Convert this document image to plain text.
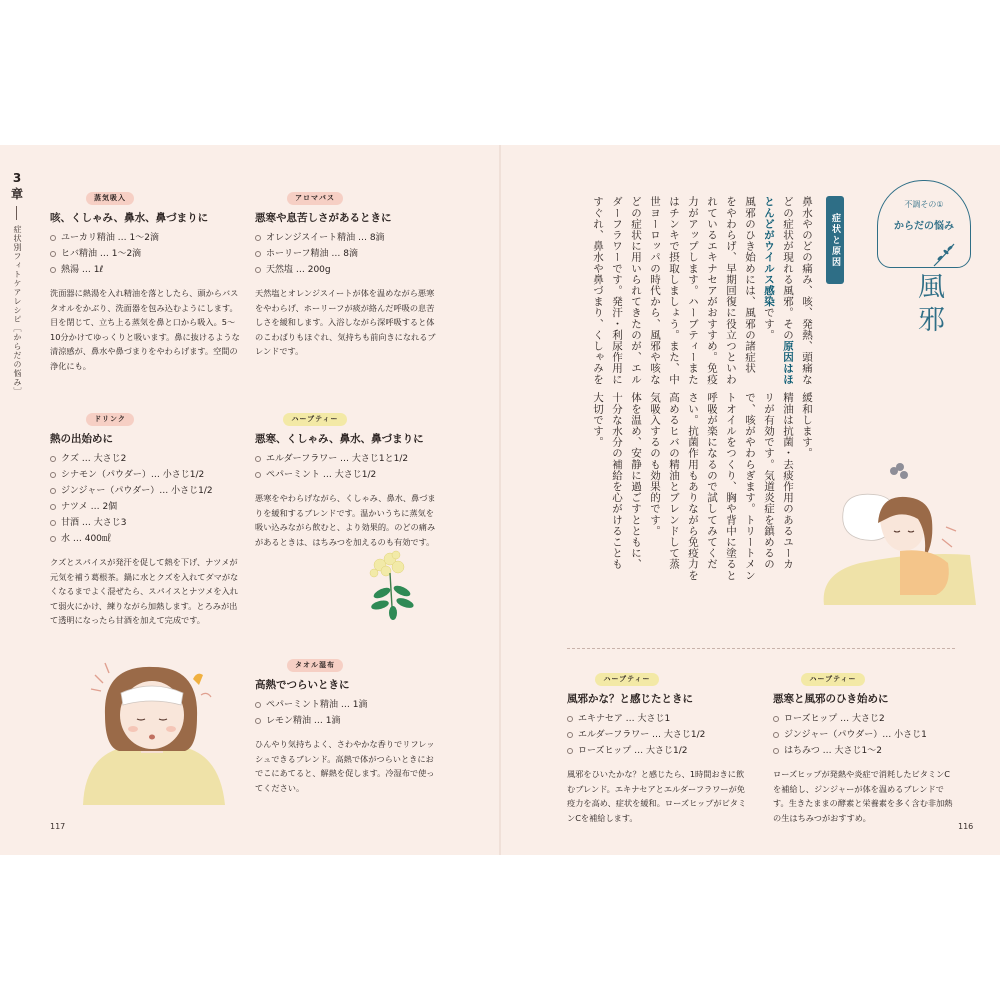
3
章
症状別フィトケアレシピ［からだの悩み］
蒸気吸入
咳、くしゃみ、鼻水、鼻づまりに
ユーカリ精油 … 1〜2滴
ヒバ精油 … 1〜2滴
熱湯 … 1ℓ

洗面器に熱湯を入れ精油を落としたら、頭からバスタオルをかぶり、洗面器を包み込むようにします。目を閉じて、立ち上る蒸気を鼻と口から吸入。5〜10分かけてゆっくりと吸います。鼻に抜けるような清涼感が、鼻水や鼻づまりをやわらげます。空間の浄化にも。

ドリンク
熱の出始めに
クズ … 大さじ2
シナモン（パウダー）… 小さじ1/2
ジンジャー（パウダー）… 小さじ1/2
ナツメ … 2個
甘酒 … 大さじ3
水 … 400㎖

クズとスパイスが発汗を促して熱を下げ、ナツメが元気を補う葛根茶。鍋に水とクズを入れてダマがなくなるまでよく混ぜたら、スパイスとナツメを入れて弱火にかけ、練りながら加熱します。とろみが出て透明になったら甘酒を加えて完成です。

アロマバス
悪寒や息苦しさがあるときに
オレンジスイート精油 … 8滴
ホーリーフ精油 … 8滴
天然塩 … 200g

天然塩とオレンジスイートが体を温めながら悪寒をやわらげ、ホーリーフが痰が絡んだ呼吸の息苦しさを緩和します。入浴しながら深呼吸すると体のこわばりもほぐれ、気持ちも前向きになれるブレンドです。

ハーブティー
悪寒、くしゃみ、鼻水、鼻づまりに
エルダーフラワー … 大さじ1と1/2
ペパーミント … 大さじ1/2

悪寒をやわらげながら、くしゃみ、鼻水、鼻づまりを緩和するブレンドです。温かいうちに蒸気を吸い込みながら飲むと、より効果的。のどの痛みがあるときは、はちみつを加えるのも有効です。

タオル湿布
高熱でつらいときに
ペパーミント精油 … 1滴
レモン精油 … 1滴

ひんやり気持ちよく、さわやかな香りでリフレッシュできるブレンド。高熱で体がつらいときにおでこにあてると、解熱を促します。冷湿布で使ってください。

117
不調その①
からだの悩み
風邪
症状と原因
鼻水やのどの痛み、咳、発熱、頭痛な
どの症状が現れる風邪。その原因はほ
とんどがウイルス感染です。
風邪のひき始めには、風邪の諸症状
をやわらげ、早期回復に役立つといわ
れているエキナセアがおすすめ。免疫
力がアップします。ハーブティーまた
はチンキで摂取しましょう。また、中
世ヨーロッパの時代から、風邪や咳な
どの症状に用いられてきたのが、エル
ダーフラワーです。発汗・利尿作用に
すぐれ、鼻水や鼻づまり、くしゃみを
緩和します。
精油は抗菌・去痰作用のあるユーカ
リが有効です。気道炎症を鎮めるの
で、咳がやわらぎます。トリートメン
トオイルをつくり、胸や背中に塗ると
呼吸が楽になるので試してみてくだ
さい。抗菌作用もありながら免疫力を
高めるヒバの精油とブレンドして蒸
気吸入するのも効果的です。
体を温め、安静に過ごすとともに、
十分な水分の補給を心がけることも
大切です。
ハーブティー
風邪かな？と感じたときに
エキナセア … 大さじ1
エルダーフラワー … 大さじ1/2
ローズヒップ … 大さじ1/2

風邪をひいたかな？と感じたら、1時間おきに飲むブレンド。エキナセアとエルダーフラワーが免疫力を高め、症状を緩和。ローズヒップがビタミンCを補給します。

ハーブティー
悪寒と風邪のひき始めに
ローズヒップ … 大さじ2
ジンジャー（パウダー）… 小さじ1
はちみつ … 大さじ1〜2

ローズヒップが発熱や炎症で消耗したビタミンCを補給し、ジンジャーが体を温めるブレンドです。生きたままの酵素と栄養素を多く含む非加熱の生はちみつがおすすめ。

116
